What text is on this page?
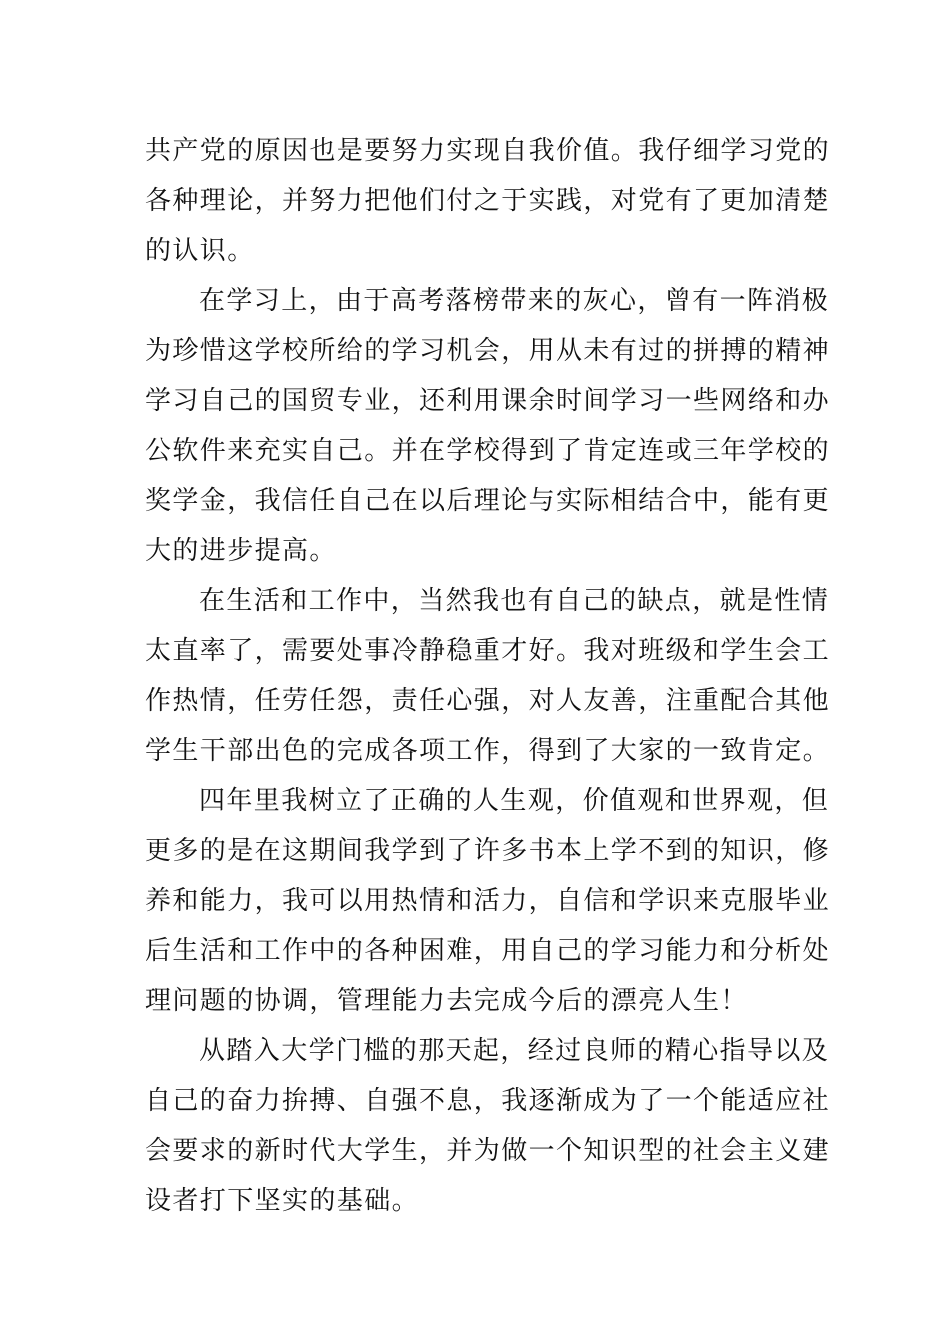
共产党的原因也是要努力实现自我价值。我仔细学习党的
各种理论，并努力把他们付之于实践，对党有了更加清楚
的认识。
在学习上，由于高考落榜带来的灰心，曾有一阵消极
为珍惜这学校所给的学习机会，用从未有过的拼搏的精神
学习自己的国贸专业，还利用课余时间学习一些网络和办
公软件来充实自己。并在学校得到了肯定连或三年学校的
奖学金，我信任自己在以后理论与实际相结合中，能有更
大的进步提高。
在生活和工作中，当然我也有自己的缺点，就是性情
太直率了，需要处事冷静稳重才好。我对班级和学生会工
作热情，任劳任怨，责任心强，对人友善，注重配合其他
学生干部出色的完成各项工作，得到了大家的一致肯定。
四年里我树立了正确的人生观，价值观和世界观，但
更多的是在这期间我学到了许多书本上学不到的知识，修
养和能力，我可以用热情和活力，自信和学识来克服毕业
后生活和工作中的各种困难，用自己的学习能力和分析处
理问题的协调，管理能力去完成今后的漂亮人生！
从踏入大学门槛的那天起，经过良师的精心指导以及
自己的奋力拚搏、自强不息，我逐渐成为了一个能适应社
会要求的新时代大学生，并为做一个知识型的社会主义建
设者打下坚实的基础。
